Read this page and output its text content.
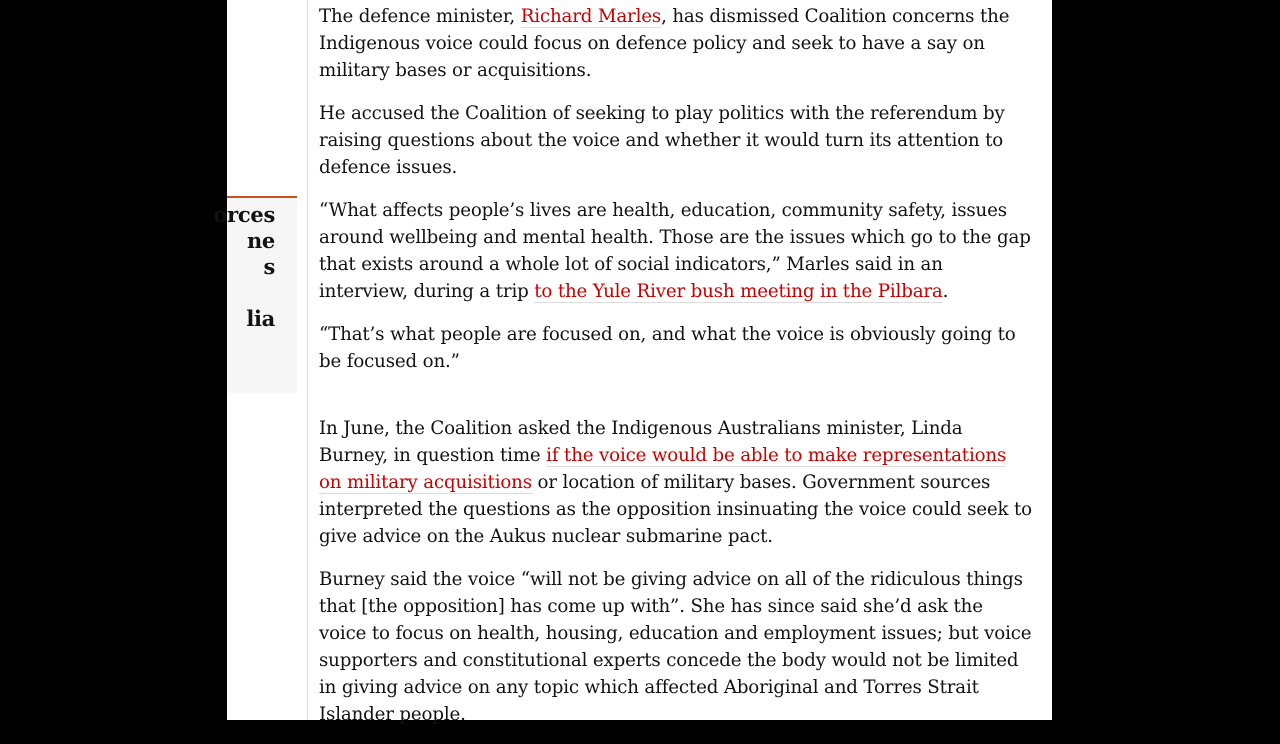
orces
ne
s
lia

The defence minister, Richard Marles, has dismissed Coalition concerns the Indigenous voice could focus on defence policy and seek to have a say on military bases or acquisitions.

He accused the Coalition of seeking to play politics with the referendum by raising questions about the voice and whether it would turn its attention to defence issues.

“What affects people’s lives are health, education, community safety, issues around wellbeing and mental health. Those are the issues which go to the gap that exists around a whole lot of social indicators,” Marles said in an interview, during a trip to the Yule River bush meeting in the Pilbara.

“That’s what people are focused on, and what the voice is obviously going to be focused on.”

In June, the Coalition asked the Indigenous Australians minister, Linda Burney, in question time if the voice would be able to make representations on military acquisitions or location of military bases. Government sources interpreted the questions as the opposition insinuating the voice could seek to give advice on the Aukus nuclear submarine pact.

Burney said the voice “will not be giving advice on all of the ridiculous things that [the opposition] has come up with”. She has since said she’d ask the voice to focus on health, housing, education and employment issues; but voice supporters and constitutional experts concede the body would not be limited in giving advice on any topic which affected Aboriginal and Torres Strait Islander people.
